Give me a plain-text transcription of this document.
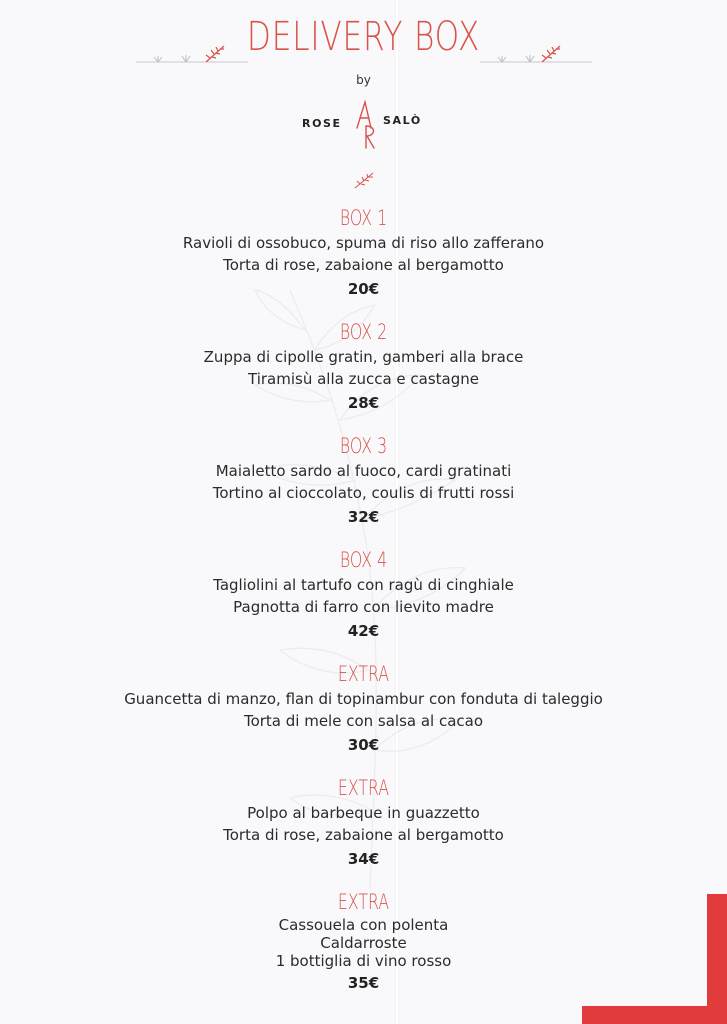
DELIVERY BOX
by
ROSE	SALÒ
BOX 1
Ravioli di ossobuco, spuma di riso allo zafferano
Torta di rose, zabaione al bergamotto
20€
BOX 2
Zuppa di cipolle gratin, gamberi alla brace
Tiramisù alla zucca e castagne
28€
BOX 3
Maialetto sardo al fuoco, cardi gratinati
Tortino al cioccolato, coulis di frutti rossi
32€
BOX 4
Tagliolini al tartufo con ragù di cinghiale
Pagnotta di farro con lievito madre
42€
EXTRA
Guancetta di manzo, flan di topinambur con fonduta di taleggio
Torta di mele con salsa al cacao
30€
EXTRA
Polpo al barbeque in guazzetto
Torta di rose, zabaione al bergamotto
34€
EXTRA
Cassouela con polenta
Caldarroste
1 bottiglia di vino rosso
35€
